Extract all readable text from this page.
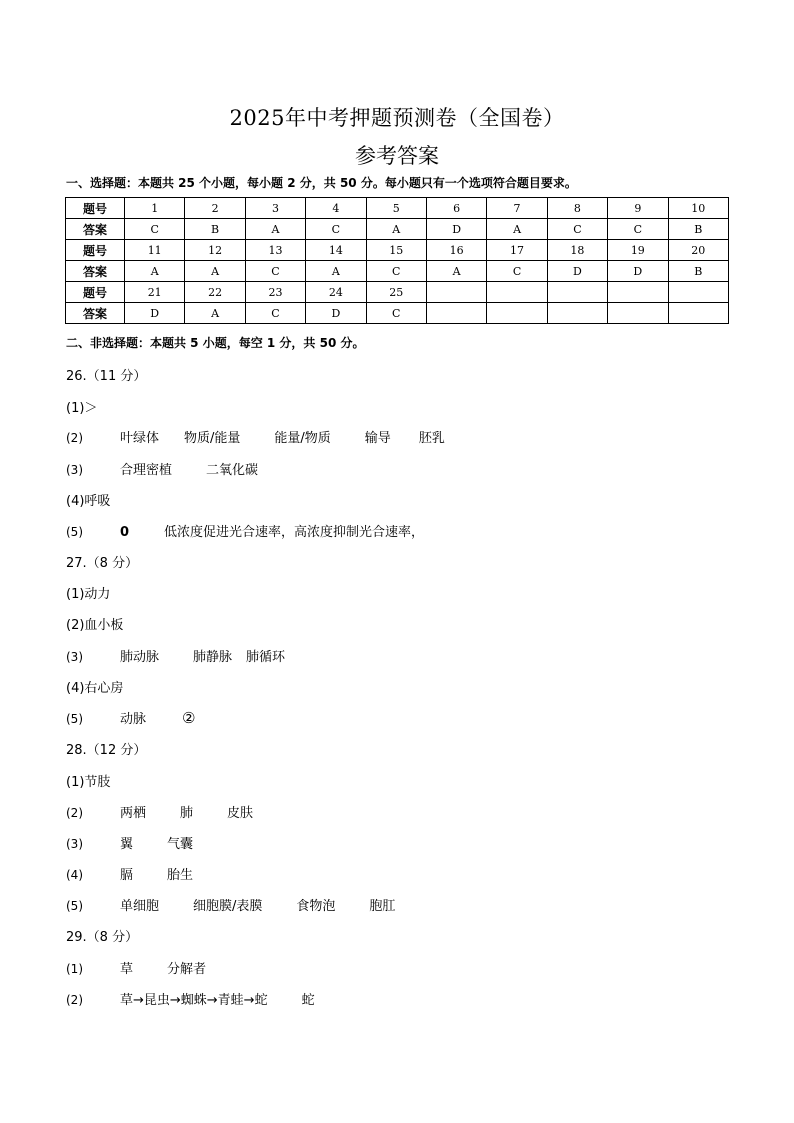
2025年中考押题预测卷（全国卷）
参考答案
一、选择题：本题共 25 个小题，每小题 2 分，共 50 分。每小题只有一个选项符合题目要求。
题号	1	2	3	4	5	6	7	8	9	10
答案	C	B	A	C	A	D	A	C	C	B
题号	11	12	13	14	15	16	17	18	19	20
答案	A	A	C	A	C	A	C	D	D	B
题号	21	22	23	24	25					
答案	D	A	C	D	C					
二、非选择题：本题共 5 小题，每空 1 分，共 50 分。
26.（11 分）
(1)＞
(2)	叶绿体 物质/能量	能量/物质	输导 胚乳
(3)	合理密植	二氧化碳
(4)呼吸
(5)	0	低浓度促进光合速率，高浓度抑制光合速率，
27.（8 分）
(1)动力
(2)血小板
(3)	肺动脉	肺静脉 肺循环
(4)右心房
(5)	动脉 ②
28.（12 分）
(1)节肢
(2)	两栖	肺	皮肤
(3)	翼	气囊
(4)	膈	胎生
(5)	单细胞	细胞膜/表膜	食物泡	胞肛
29.（8 分）
(1)	草	分解者
(2)	草→昆虫→蜘蛛→青蛙→蛇	蛇
